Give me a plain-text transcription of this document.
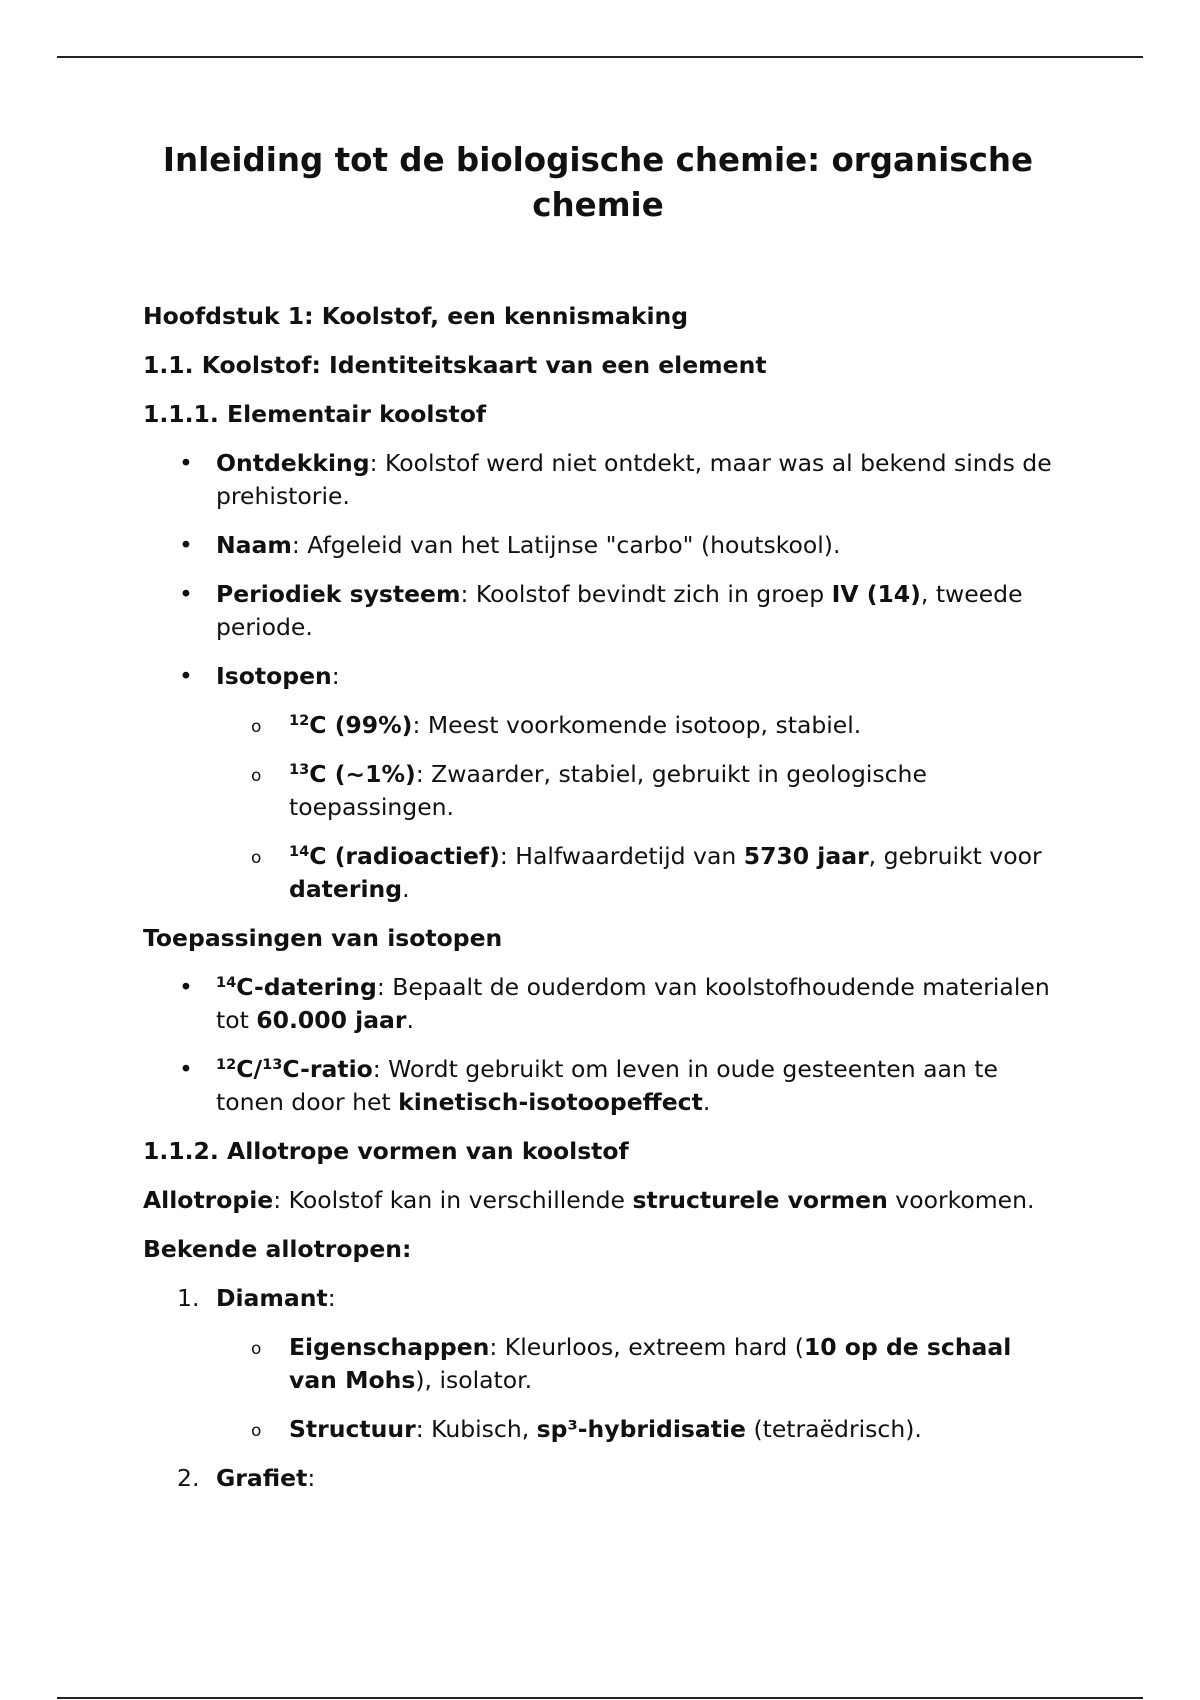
Inleiding tot de biologische chemie: organische chemie
Hoofdstuk 1: Koolstof, een kennismaking
1.1. Koolstof: Identiteitskaart van een element
1.1.1. Elementair koolstof
• Ontdekking: Koolstof werd niet ontdekt, maar was al bekend sinds de prehistorie.
• Naam: Afgeleid van het Latijnse "carbo" (houtskool).
• Periodiek systeem: Koolstof bevindt zich in groep IV (14), tweede periode.
• Isotopen:
o $^{12}$C (99%): Meest voorkomende isotoop, stabiel.
o $^{13}$C (~1%): Zwaarder, stabiel, gebruikt in geologische toepassingen.
o $^{14}$C (radioactief): Halfwaardetijd van 5730 jaar, gebruikt voor datering.
Toepassingen van isotopen
• $^{14}$C-datering: Bepaalt de ouderdom van koolstofhoudende materialen tot 60.000 jaar.
• $^{12}$C/$^{13}$C-ratio: Wordt gebruikt om leven in oude gesteenten aan te tonen door het kinetisch-isotoopeffect.
1.1.2. Allotrope vormen van koolstof
Allotropie: Koolstof kan in verschillende structurele vormen voorkomen.
Bekende allotropen:
1. Diamant:
o Eigenschappen: Kleurloos, extreem hard (10 op de schaal van Mohs), isolator.
o Structuur: Kubisch, sp³-hybridisatie (tetraëdrisch).
2. Grafiet:
